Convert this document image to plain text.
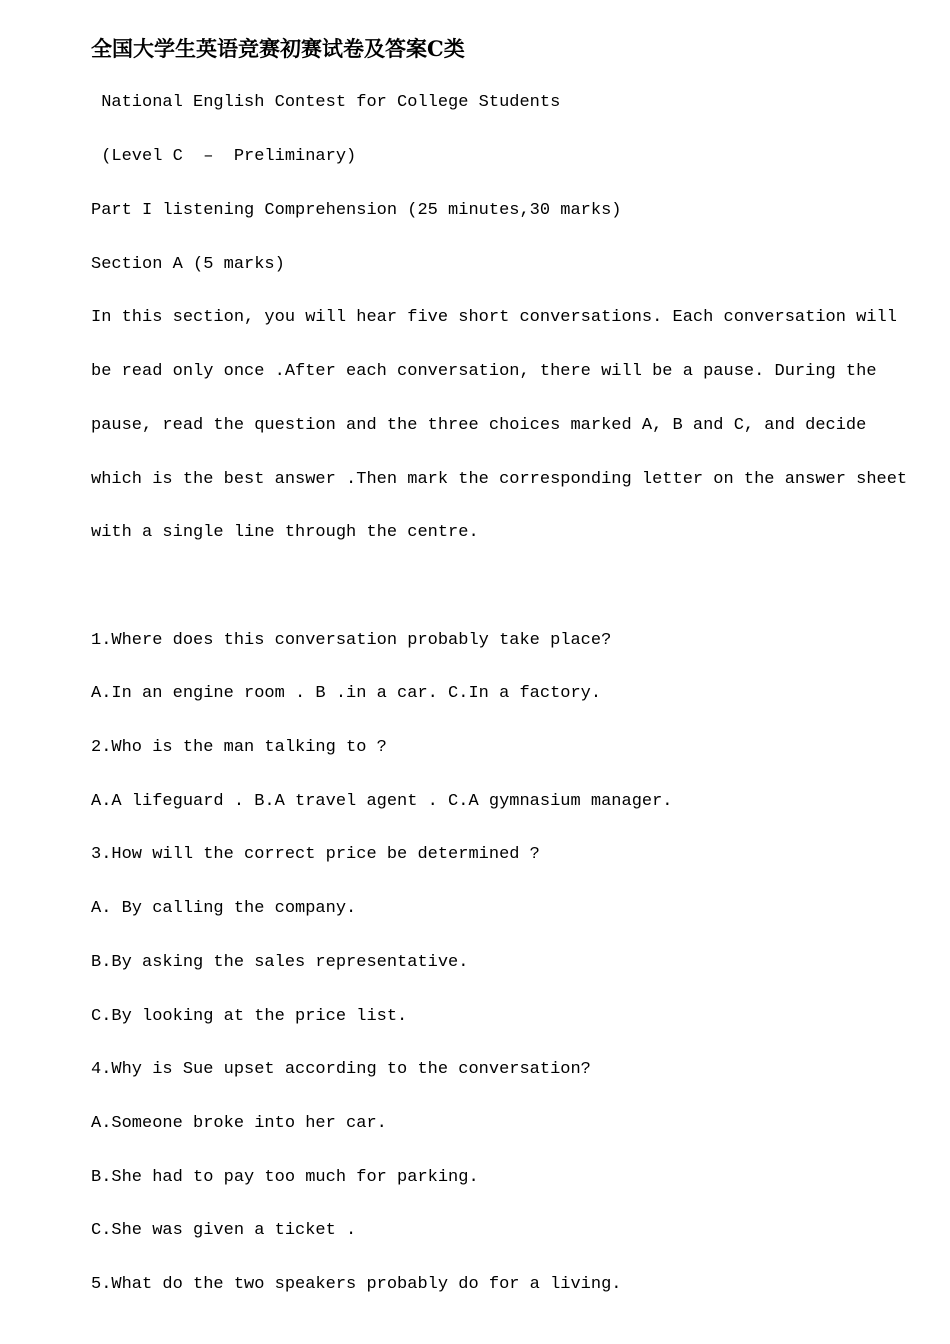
全国大学生英语竞赛初赛试卷及答案C类
National English Contest for College Students
(Level C  –  Preliminary)
Part I listening Comprehension (25 minutes,30 marks)
Section A (5 marks)
In this section, you will hear five short conversations. Each conversation will
be read only once .After each conversation, there will be a pause. During the
pause, read the question and the three choices marked A, B and C, and decide
which is the best answer .Then mark the corresponding letter on the answer sheet
with a single line through the centre.
1.Where does this conversation probably take place?
A.In an engine room . B .in a car. C.In a factory.
2.Who is the man talking to ?
A.A lifeguard . B.A travel agent . C.A gymnasium manager.
3.How will the correct price be determined ?
A. By calling the company.
B.By asking the sales representative.
C.By looking at the price list.
4.Why is Sue upset according to the conversation?
A.Someone broke into her car.
B.She had to pay too much for parking.
C.She was given a ticket .
5.What do the two speakers probably do for a living.
